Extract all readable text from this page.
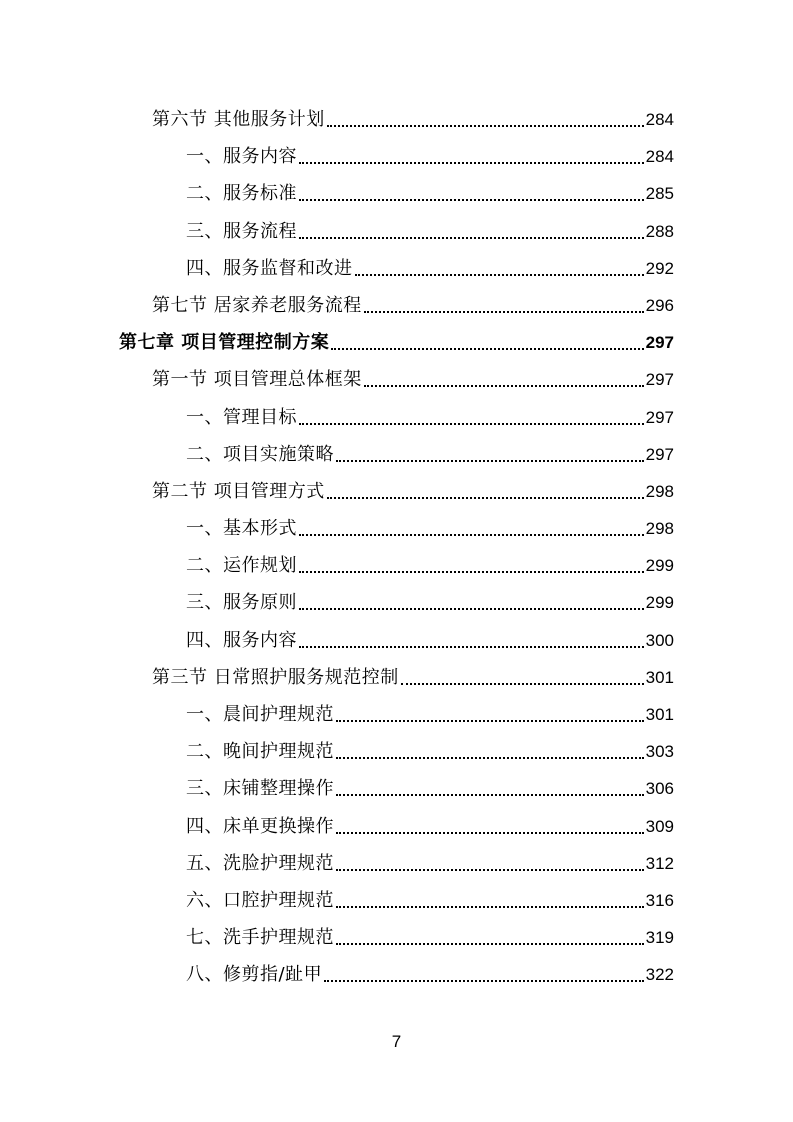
第六节 其他服务计划	284
一、服务内容	284
二、服务标准	285
三、服务流程	288
四、服务监督和改进	292
第七节 居家养老服务流程	296
第七章 项目管理控制方案	297
第一节 项目管理总体框架	297
一、管理目标	297
二、项目实施策略	297
第二节 项目管理方式	298
一、基本形式	298
二、运作规划	299
三、服务原则	299
四、服务内容	300
第三节 日常照护服务规范控制	301
一、晨间护理规范	301
二、晚间护理规范	303
三、床铺整理操作	306
四、床单更换操作	309
五、洗脸护理规范	312
六、口腔护理规范	316
七、洗手护理规范	319
八、修剪指/趾甲	322
7
